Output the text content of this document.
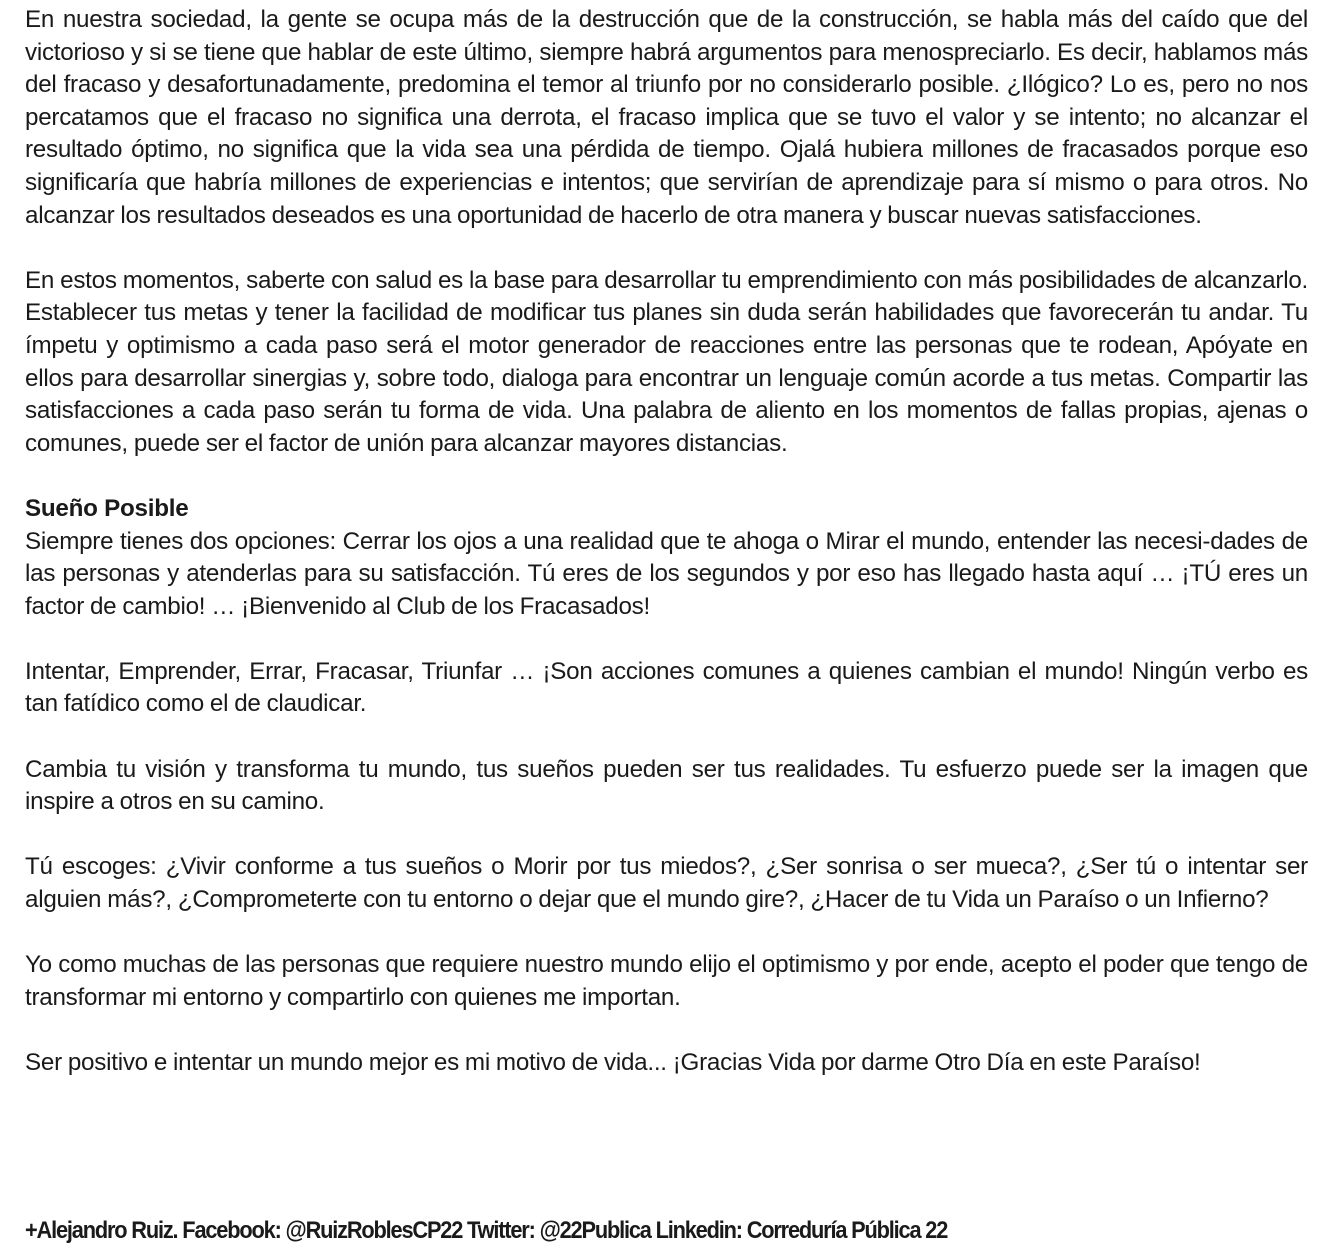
En nuestra sociedad, la gente se ocupa más de la destrucción que de la construcción, se habla más del caído que del victorioso y si se tiene que hablar de este último, siempre habrá argumentos para menospreciarlo. Es decir, hablamos más del fracaso y desafortunadamente, predomina el temor al triunfo por no considerarlo posible. ¿Ilógico? Lo es, pero no nos percatamos que el fracaso no significa una derrota, el fracaso implica que se tuvo el valor y se intento; no alcanzar el resultado óptimo, no significa que la vida sea una pérdida de tiempo. Ojalá hubiera millones de fracasados porque eso significaría que habría millones de experiencias e intentos; que servirían de aprendizaje para sí mismo o para otros. No alcanzar los resultados deseados es una oportunidad de hacerlo de otra manera y buscar nuevas satisfacciones.

En estos momentos, saberte con salud es la base para desarrollar tu emprendimiento con más posibilidades de alcanzarlo. Establecer tus metas y tener la facilidad de modificar tus planes sin duda serán habilidades que favorecerán tu andar. Tu ímpetu y optimismo a cada paso será el motor generador de reacciones entre las personas que te rodean, Apóyate en ellos para desarrollar sinergias y, sobre todo, dialoga para encontrar un lenguaje común acorde a tus metas. Compartir las satisfacciones a cada paso serán tu forma de vida. Una palabra de aliento en los momentos de fallas propias, ajenas o comunes, puede ser el factor de unión para alcanzar mayores distancias.

Sueño Posible

Siempre tienes dos opciones: Cerrar los ojos a una realidad que te ahoga o Mirar el mundo, entender las necesi-dades de las personas y atenderlas para su satisfacción. Tú eres de los segundos y por eso has llegado hasta aquí … ¡TÚ eres un factor de cambio! … ¡Bienvenido al Club de los Fracasados!

Intentar, Emprender, Errar, Fracasar, Triunfar … ¡Son acciones comunes a quienes cambian el mundo! Ningún verbo es tan fatídico como el de claudicar.

Cambia tu visión y transforma tu mundo, tus sueños pueden ser tus realidades. Tu esfuerzo puede ser la imagen que inspire a otros en su camino.

Tú escoges: ¿Vivir conforme a tus sueños o Morir por tus miedos?, ¿Ser sonrisa o ser mueca?, ¿Ser tú o intentar ser alguien más?, ¿Comprometerte con tu entorno o dejar que el mundo gire?, ¿Hacer de tu Vida un Paraíso o un Infierno?

Yo como muchas de las personas que requiere nuestro mundo elijo el optimismo y por ende, acepto el poder que tengo de transformar mi entorno y compartirlo con quienes me importan.

Ser positivo e intentar un mundo mejor es mi motivo de vida... ¡Gracias Vida por darme Otro Día en este Paraíso!

+Alejandro Ruiz. Facebook: @RuizRoblesCP22 Twitter: @22Publica Linkedin: Correduría Pública 22
